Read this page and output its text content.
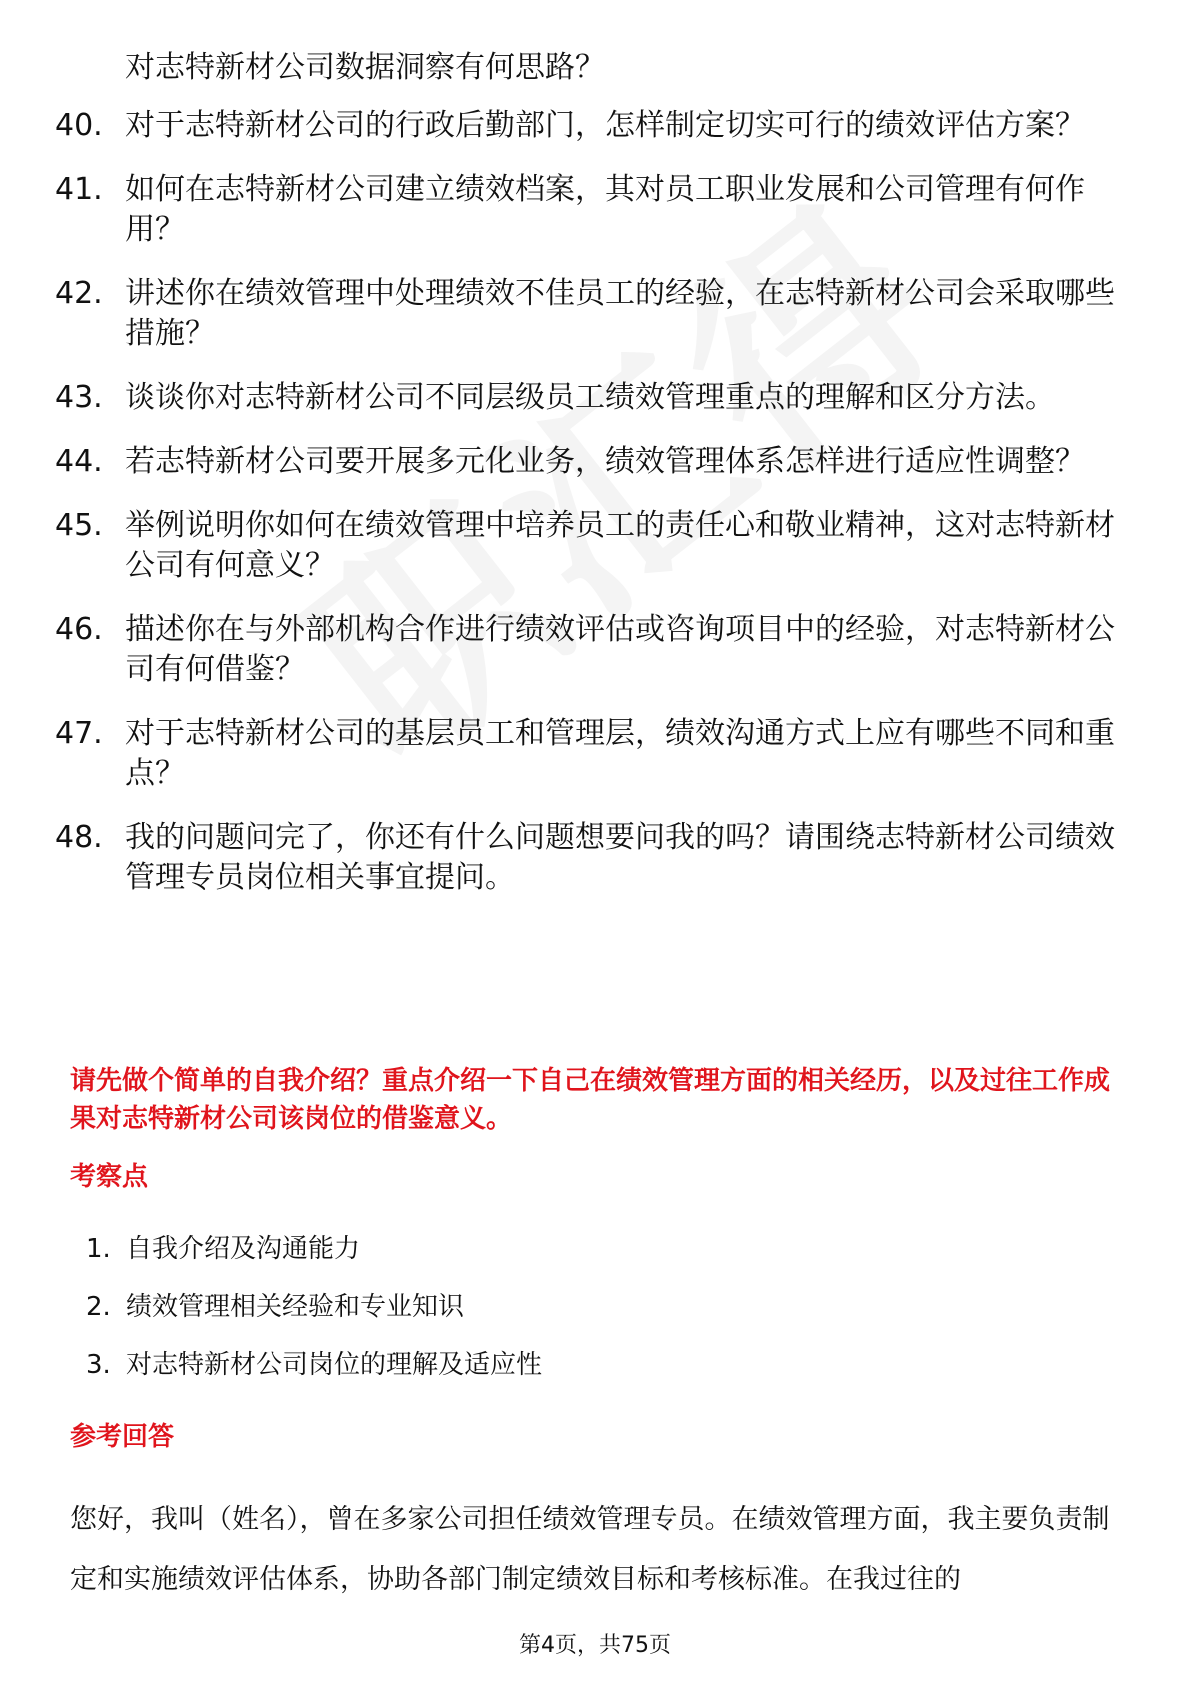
对志特新材公司数据洞察有何思路？
40. 对于志特新材公司的行政后勤部门，怎样制定切实可行的绩效评估方案？
41. 如何在志特新材公司建立绩效档案，其对员工职业发展和公司管理有何作用？
42. 讲述你在绩效管理中处理绩效不佳员工的经验，在志特新材公司会采取哪些措施？
43. 谈谈你对志特新材公司不同层级员工绩效管理重点的理解和区分方法。
44. 若志特新材公司要开展多元化业务，绩效管理体系怎样进行适应性调整？
45. 举例说明你如何在绩效管理中培养员工的责任心和敬业精神，这对志特新材公司有何意义？
46. 描述你在与外部机构合作进行绩效评估或咨询项目中的经验，对志特新材公司有何借鉴？
47. 对于志特新材公司的基层员工和管理层，绩效沟通方式上应有哪些不同和重点？
48. 我的问题问完了，你还有什么问题想要问我的吗？请围绕志特新材公司绩效管理专员岗位相关事宜提问。
请先做个简单的自我介绍？重点介绍一下自己在绩效管理方面的相关经历，以及过往工作成果对志特新材公司该岗位的借鉴意义。
考察点
1. 自我介绍及沟通能力
2. 绩效管理相关经验和专业知识
3. 对志特新材公司岗位的理解及适应性
参考回答
您好，我叫（姓名），曾在多家公司担任绩效管理专员。在绩效管理方面，我主要负责制定和实施绩效评估体系，协助各部门制定绩效目标和考核标准。在我过往的
第4页，共75页
